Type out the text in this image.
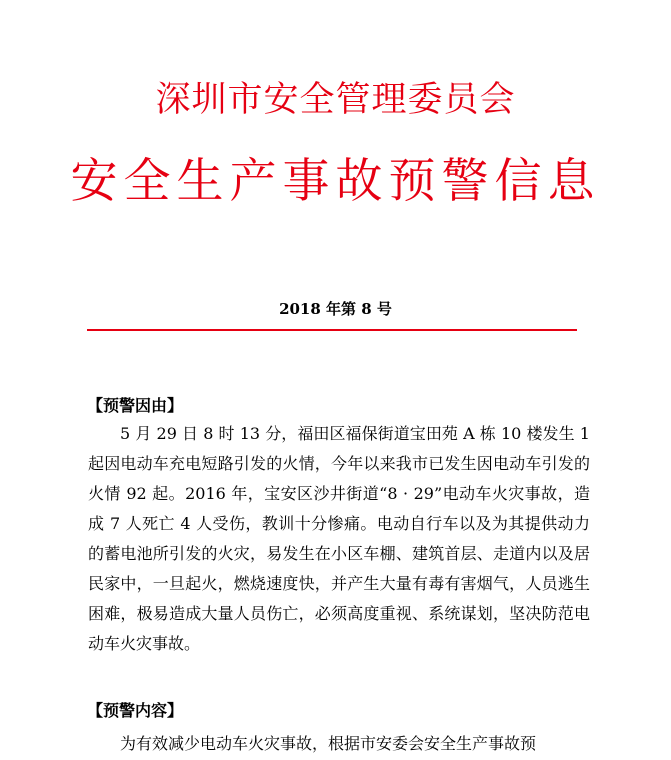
深圳市安全管理委员会
安全生产事故预警信息
2018 年第 8 号
【预警因由】
5 月 29 日 8 时 13 分，福田区福保街道宝田苑 A 栋 10 楼发生 1 起因电动车充电短路引发的火情，今年以来我市已发生因电动车引发的火情 92 起。2016 年，宝安区沙井街道“8 · 29”电动车火灾事故，造成 7 人死亡 4 人受伤，教训十分惨痛。电动自行车以及为其提供动力的蓄电池所引发的火灾，易发生在小区车棚、建筑首层、走道内以及居民家中，一旦起火，燃烧速度快，并产生大量有毒有害烟气，人员逃生困难，极易造成大量人员伤亡，必须高度重视、系统谋划，坚决防范电动车火灾事故。
【预警内容】
为有效减少电动车火灾事故，根据市安委会安全生产事故预
